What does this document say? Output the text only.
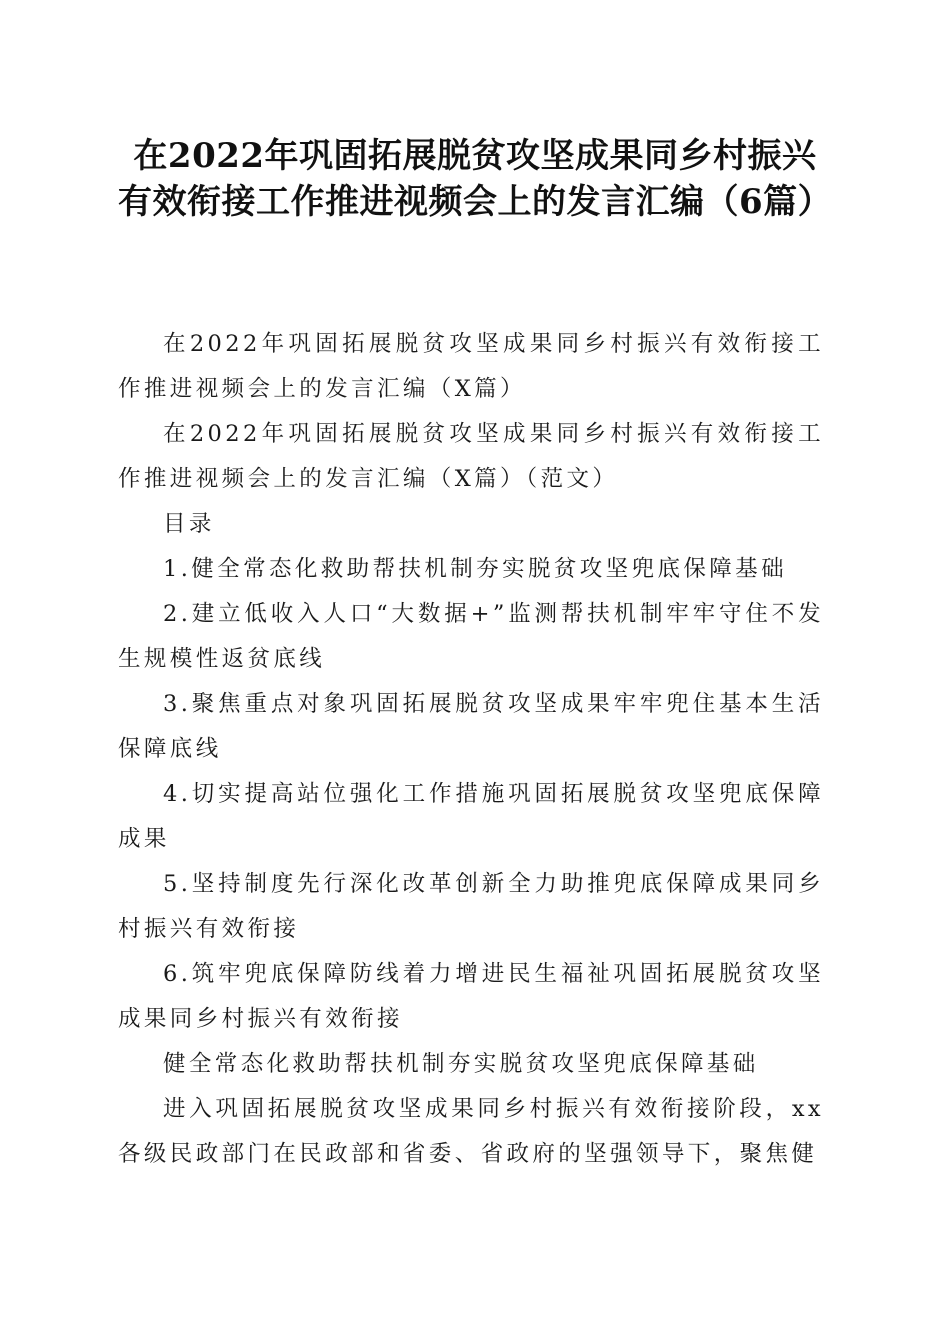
在2022年巩固拓展脱贫攻坚成果同乡村振兴有效衔接工作推进视频会上的发言汇编（6篇）

在2022年巩固拓展脱贫攻坚成果同乡村振兴有效衔接工作推进视频会上的发言汇编（X篇）

在2022年巩固拓展脱贫攻坚成果同乡村振兴有效衔接工作推进视频会上的发言汇编（X篇）（范文）

目录

1.健全常态化救助帮扶机制夯实脱贫攻坚兜底保障基础

2.建立低收入人口“大数据+”监测帮扶机制牢牢守住不发生规模性返贫底线

3.聚焦重点对象巩固拓展脱贫攻坚成果牢牢兜住基本生活保障底线

4.切实提高站位强化工作措施巩固拓展脱贫攻坚兜底保障成果

5.坚持制度先行深化改革创新全力助推兜底保障成果同乡村振兴有效衔接

6.筑牢兜底保障防线着力增进民生福祉巩固拓展脱贫攻坚成果同乡村振兴有效衔接

健全常态化救助帮扶机制夯实脱贫攻坚兜底保障基础

进入巩固拓展脱贫攻坚成果同乡村振兴有效衔接阶段，xx各级民政部门在民政部和省委、省政府的坚强领导下，聚焦健
